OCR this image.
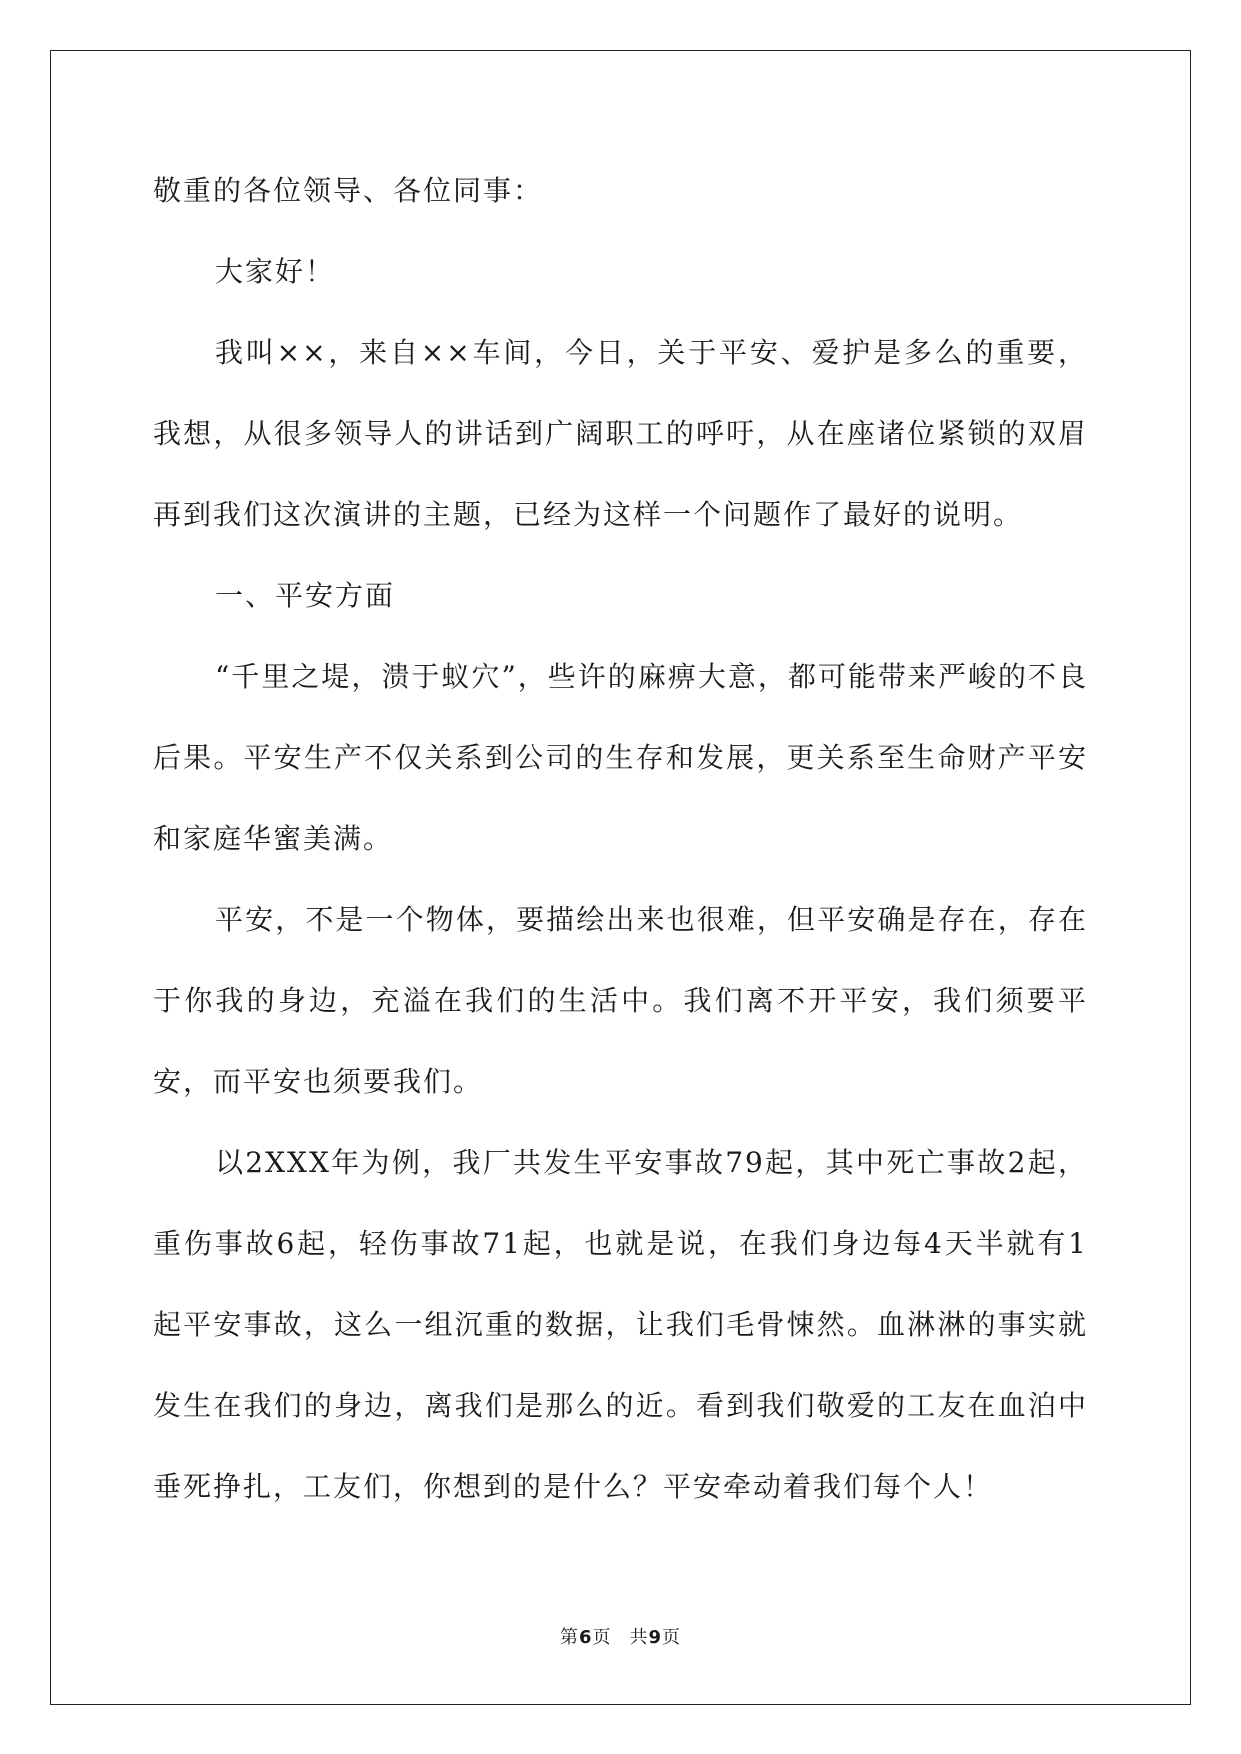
敬重的各位领导、各位同事：

大家好！

我叫××，来自××车间，今日，关于平安、爱护是多么的重要，我想，从很多领导人的讲话到广阔职工的呼吁，从在座诸位紧锁的双眉再到我们这次演讲的主题，已经为这样一个问题作了最好的说明。

一、平安方面

“千里之堤，溃于蚁穴”，些许的麻痹大意，都可能带来严峻的不良后果。平安生产不仅关系到公司的生存和发展，更关系至生命财产平安和家庭华蜜美满。

平安，不是一个物体，要描绘出来也很难，但平安确是存在，存在于你我的身边，充溢在我们的生活中。我们离不开平安，我们须要平安，而平安也须要我们。

以2XXX年为例，我厂共发生平安事故79起，其中死亡事故2起，重伤事故6起，轻伤事故71起，也就是说，在我们身边每4天半就有1起平安事故，这么一组沉重的数据，让我们毛骨悚然。血淋淋的事实就发生在我们的身边，离我们是那么的近。看到我们敬爱的工友在血泊中垂死挣扎，工友们，你想到的是什么？平安牵动着我们每个人！

第6页 共9页
